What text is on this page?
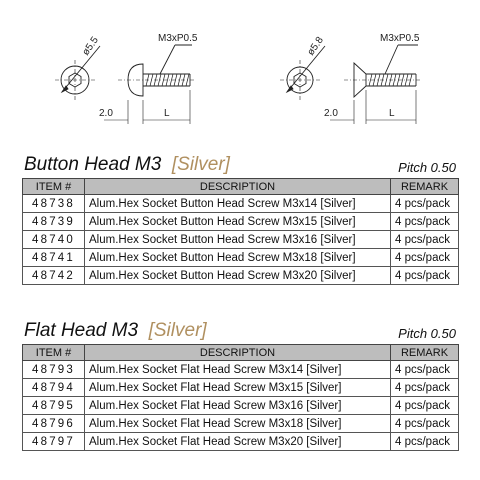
ø5.5	M3xP0.5
2.0	L
ø5.8	M3xP0.5
2.0	L
Button Head M3 [Silver]	Pitch 0.50
ITEM #	DESCRIPTION	REMARK
48738	Alum.Hex Socket Button Head Screw M3x14 [Silver]	4 pcs/pack
48739	Alum.Hex Socket Button Head Screw M3x15 [Silver]	4 pcs/pack
48740	Alum.Hex Socket Button Head Screw M3x16 [Silver]	4 pcs/pack
48741	Alum.Hex Socket Button Head Screw M3x18 [Silver]	4 pcs/pack
48742	Alum.Hex Socket Button Head Screw M3x20 [Silver]	4 pcs/pack
Flat Head M3 [Silver]	Pitch 0.50
ITEM #	DESCRIPTION	REMARK
48793	Alum.Hex Socket Flat Head Screw M3x14 [Silver]	4 pcs/pack
48794	Alum.Hex Socket Flat Head Screw M3x15 [Silver]	4 pcs/pack
48795	Alum.Hex Socket Flat Head Screw M3x16 [Silver]	4 pcs/pack
48796	Alum.Hex Socket Flat Head Screw M3x18 [Silver]	4 pcs/pack
48797	Alum.Hex Socket Flat Head Screw M3x20 [Silver]	4 pcs/pack
